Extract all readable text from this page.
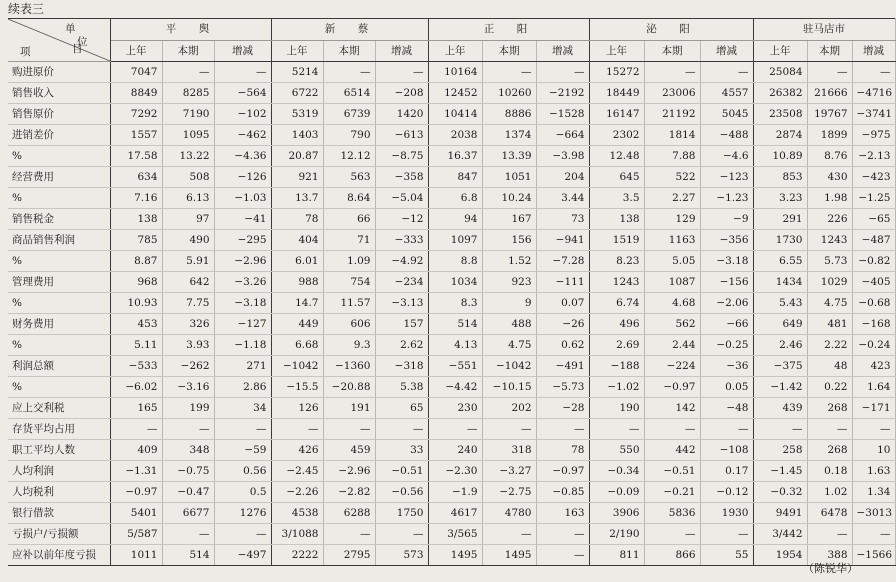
续表三
单
位
项 目	平　舆			新　蔡			正　阳			泌　阳			驻马店市		
	上年	本期	增减	上年	本期	增减	上年	本期	增减	上年	本期	增减	上年	本期	增减
购进原价	7047	—	—	5214	—	—	10164	—	—	15272	—	—	25084	—	—
销售收入	8849	8285	−564	6722	6514	−208	12452	10260	−2192	18449	23006	4557	26382	21666	−4716
销售原价	7292	7190	−102	5319	6739	1420	10414	8886	−1528	16147	21192	5045	23508	19767	−3741
进销差价	1557	1095	−462	1403	790	−613	2038	1374	−664	2302	1814	−488	2874	1899	−975
%	17.58	13.22	−4.36	20.87	12.12	−8.75	16.37	13.39	−3.98	12.48	7.88	−4.6	10.89	8.76	−2.13
经营费用	634	508	−126	921	563	−358	847	1051	204	645	522	−123	853	430	−423
%	7.16	6.13	−1.03	13.7	8.64	−5.04	6.8	10.24	3.44	3.5	2.27	−1.23	3.23	1.98	−1.25
销售税金	138	97	−41	78	66	−12	94	167	73	138	129	−9	291	226	−65
商品销售利润	785	490	−295	404	71	−333	1097	156	−941	1519	1163	−356	1730	1243	−487
%	8.87	5.91	−2.96	6.01	1.09	−4.92	8.8	1.52	−7.28	8.23	5.05	−3.18	6.55	5.73	−0.82
管理费用	968	642	−3.26	988	754	−234	1034	923	−111	1243	1087	−156	1434	1029	−405
%	10.93	7.75	−3.18	14.7	11.57	−3.13	8.3	9	0.07	6.74	4.68	−2.06	5.43	4.75	−0.68
财务费用	453	326	−127	449	606	157	514	488	−26	496	562	−66	649	481	−168
%	5.11	3.93	−1.18	6.68	9.3	2.62	4.13	4.75	0.62	2.69	2.44	−0.25	2.46	2.22	−0.24
利润总额	−533	−262	271	−1042	−1360	−318	−551	−1042	−491	−188	−224	−36	−375	48	423
%	−6.02	−3.16	2.86	−15.5	−20.88	5.38	−4.42	−10.15	−5.73	−1.02	−0.97	0.05	−1.42	0.22	1.64
应上交利税	165	199	34	126	191	65	230	202	−28	190	142	−48	439	268	−171
存货平均占用	—	—	—	—	—	—	—	—	—	—	—	—	—	—	—
职工平均人数	409	348	−59	426	459	33	240	318	78	550	442	−108	258	268	10
人均利润	−1.31	−0.75	0.56	−2.45	−2.96	−0.51	−2.30	−3.27	−0.97	−0.34	−0.51	0.17	−1.45	0.18	1.63
人均税利	−0.97	−0.47	0.5	−2.26	−2.82	−0.56	−1.9	−2.75	−0.85	−0.09	−0.21	−0.12	−0.32	1.02	1.34
银行借款	5401	6677	1276	4538	6288	1750	4617	4780	163	3906	5836	1930	9491	6478	−3013
亏损户/亏损额	5/587	—	—	3/1088	—	—	3/565	—	—	2/190	—	—	3/442	—	—
应补以前年度亏损	1011	514	−497	2222	2795	573	1495	1495	—	811	866	55	1954	388	−1566
（陈锐华）
